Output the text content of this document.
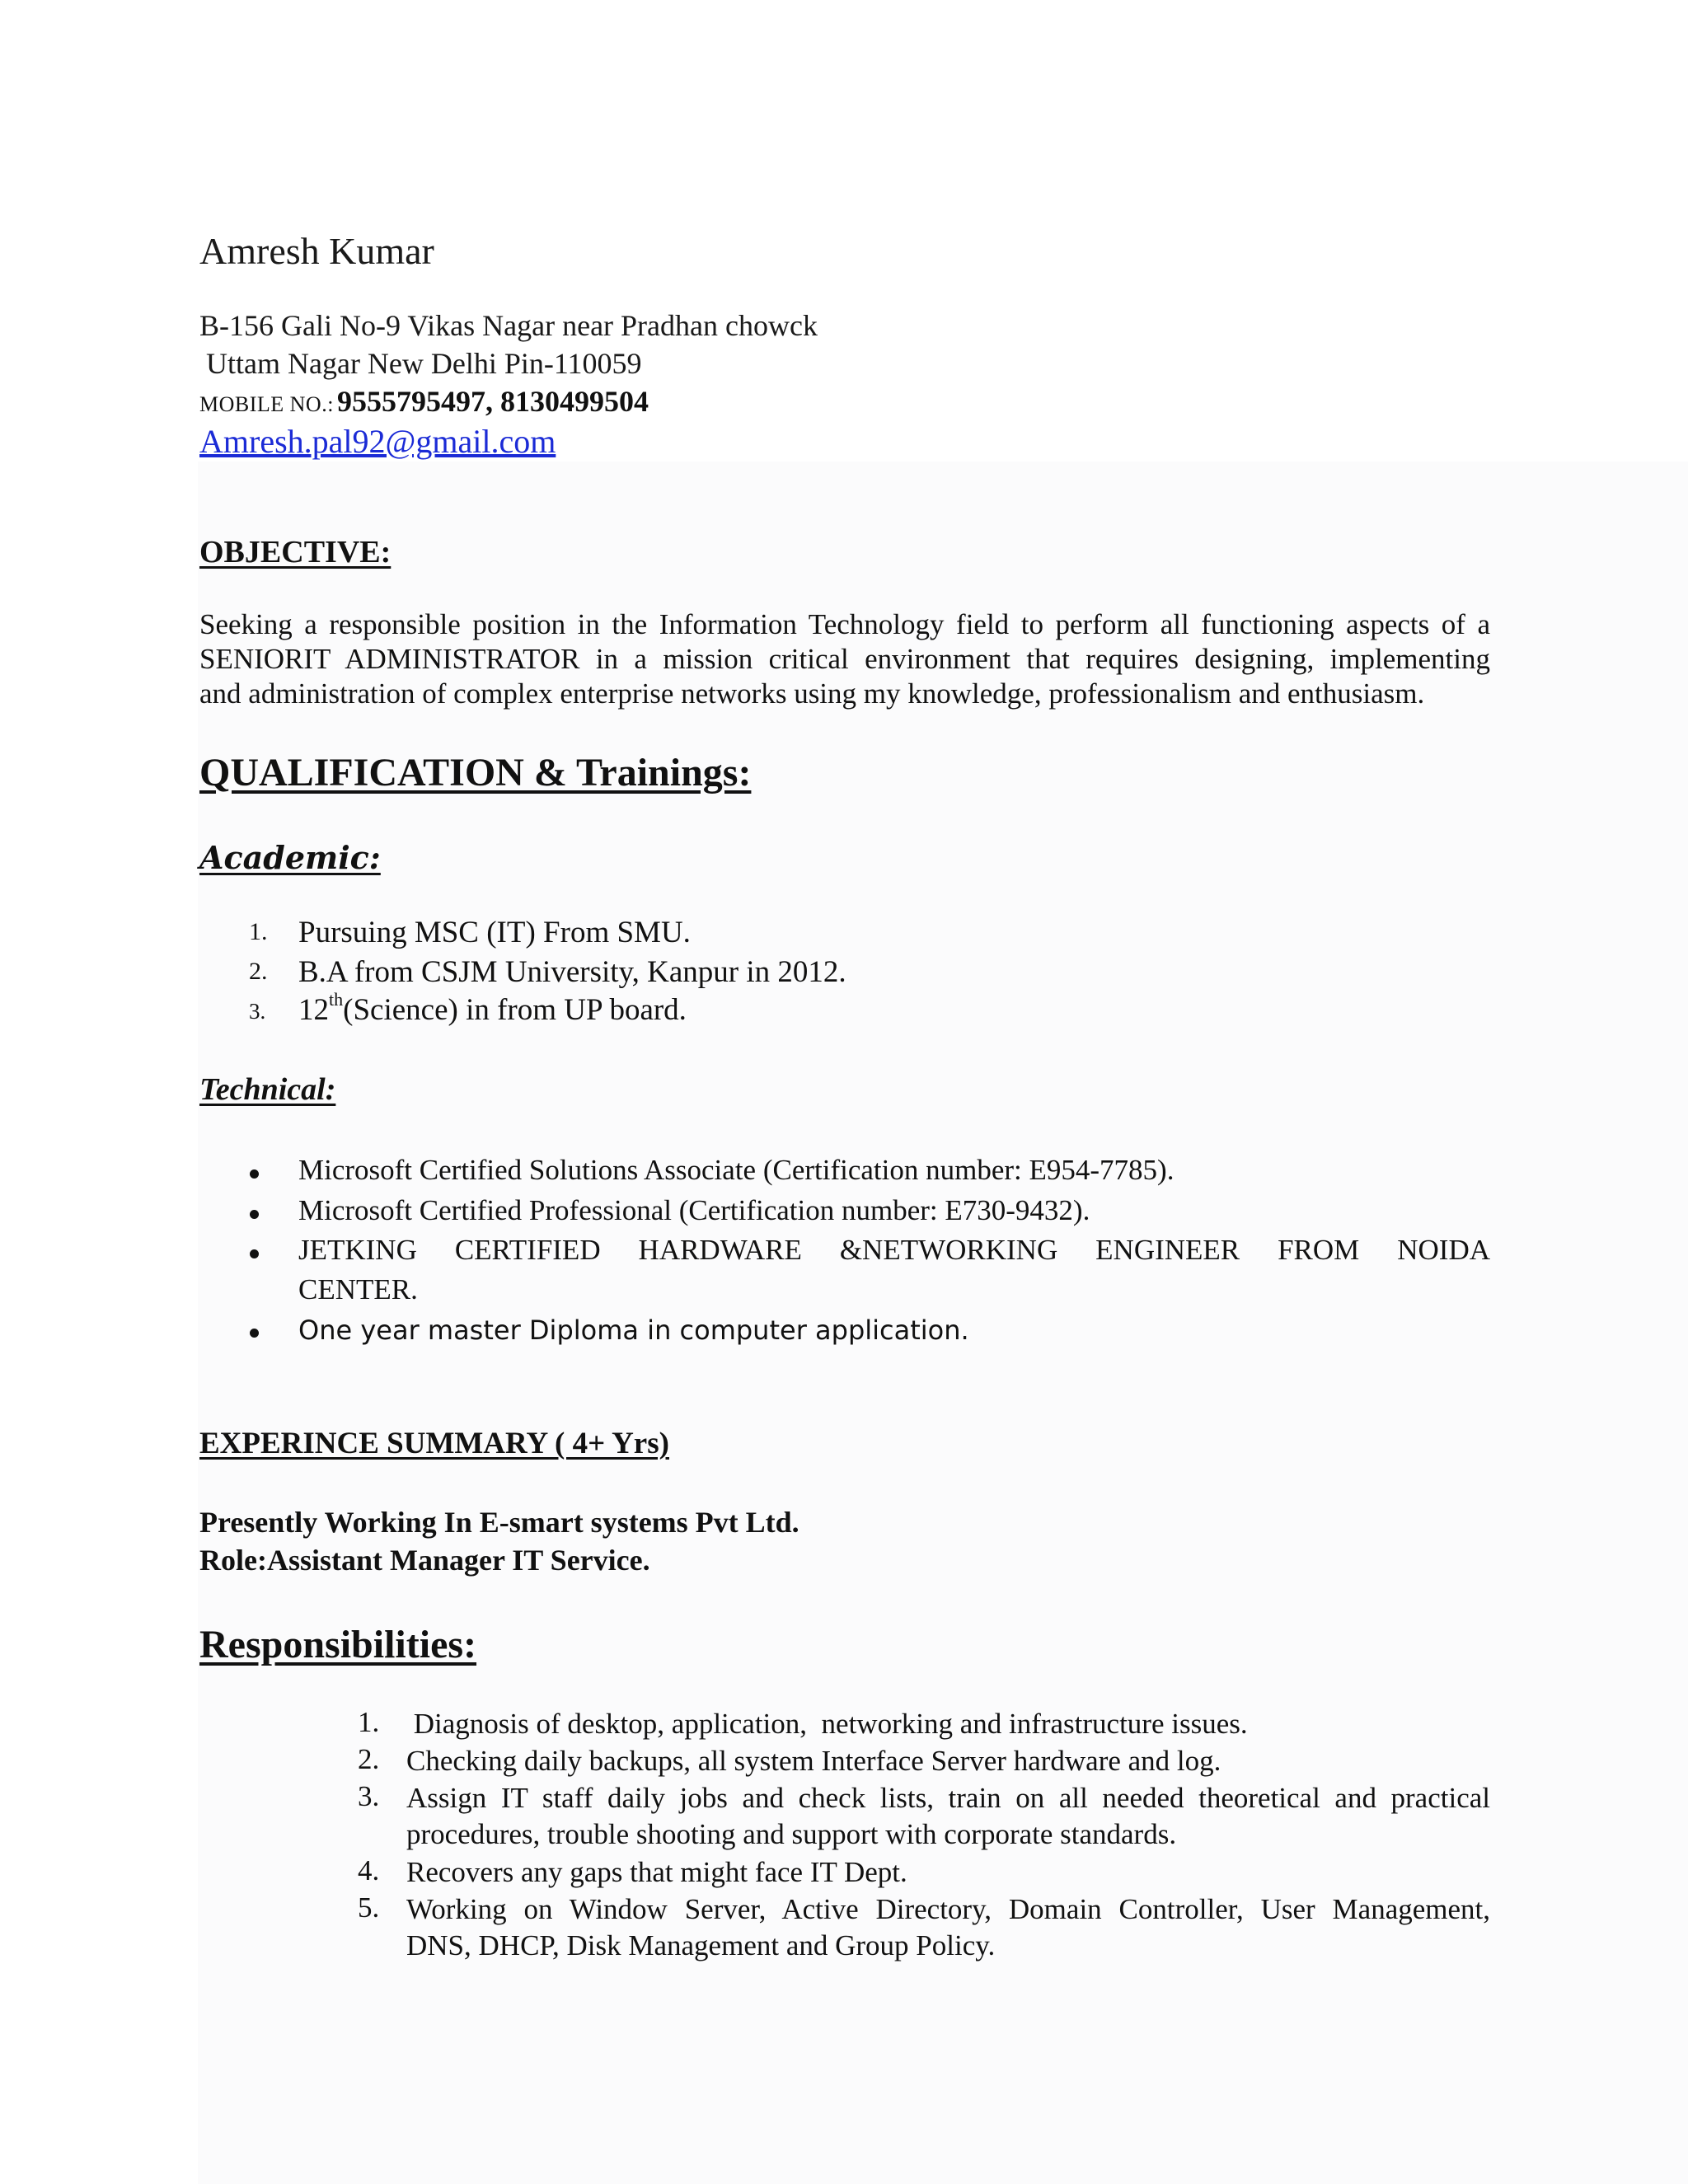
Amresh Kumar
B-156 Gali No-9 Vikas Nagar near Pradhan chowck
Uttam Nagar New Delhi Pin-110059
MOBILE NO.: 9555795497, 8130499504
Amresh.pal92@gmail.com
OBJECTIVE:
Seeking a responsible position in the Information Technology field to perform all functioning aspects of a
SENIORIT ADMINISTRATOR in a mission critical environment that requires designing, implementing
and administration of complex enterprise networks using my knowledge, professionalism and enthusiasm.
QUALIFICATION & Trainings:
Academic:
1. Pursuing MSC (IT) From SMU.
2. B.A from CSJM University, Kanpur in 2012.
3. 12th(Science) in from UP board.
Technical:
Microsoft Certified Solutions Associate (Certification number: E954-7785).
Microsoft Certified Professional (Certification number: E730-9432).
JETKING CERTIFIED HARDWARE &NETWORKING ENGINEER FROM NOIDA
CENTER.
One year master Diploma in computer application.
EXPERINCE SUMMARY ( 4+ Yrs)
Presently Working In E-smart systems Pvt Ltd.
Role:Assistant Manager IT Service.
Responsibilities:
1. Diagnosis of desktop, application,  networking and infrastructure issues.
2. Checking daily backups, all system Interface Server hardware and log.
3. Assign IT staff daily jobs and check lists, train on all needed theoretical and practical
procedures, trouble shooting and support with corporate standards.
4. Recovers any gaps that might face IT Dept.
5. Working on Window Server, Active Directory, Domain Controller, User Management,
DNS, DHCP, Disk Management and Group Policy.
